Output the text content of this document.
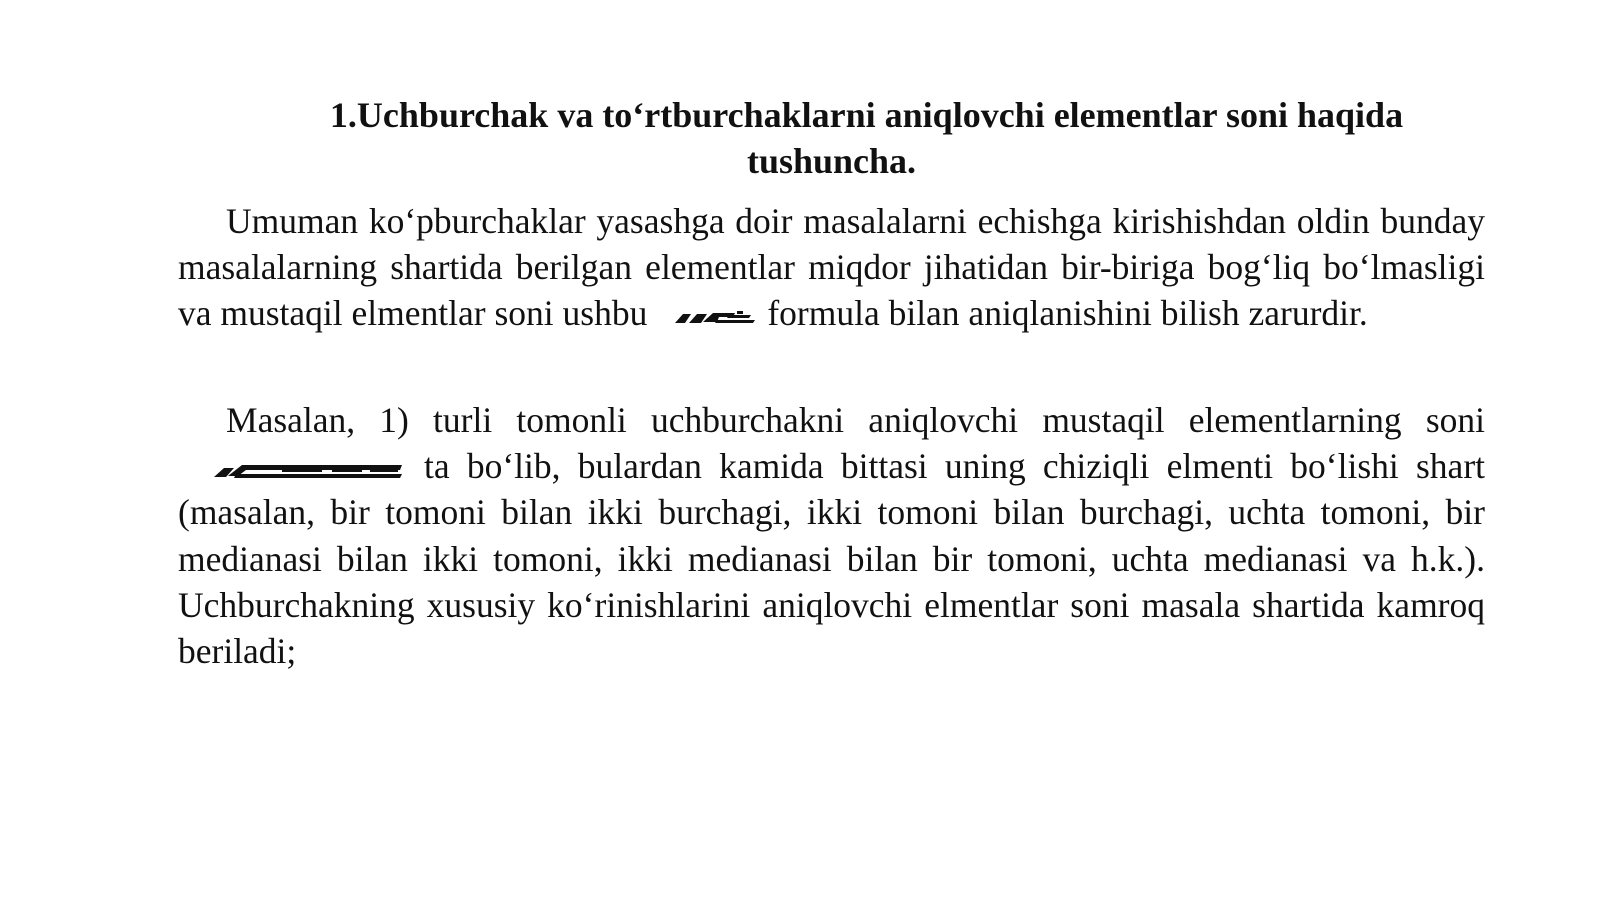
1.Uchburchak va to‘rtburchaklarni aniqlovchi elementlar soni haqida
tushuncha.

Umuman ko‘pburchaklar yasashga doir masalalarni echishga kirishishdan oldin bunday masalalarning shartida berilgan elementlar miqdor jihatidan bir-biriga bog‘liq bo‘lmasligi va mustaqil elmentlar soni ushbu	formula bilan aniqlanishini bilish zarurdir.

Masalan, 1) turli tomonli uchburchakni aniqlovchi mustaqil elementlarning soni
ta bo‘lib, bulardan kamida bittasi uning chiziqli elmenti bo‘lishi shart (masalan, bir tomoni bilan ikki burchagi, ikki tomoni bilan burchagi, uchta tomoni, bir medianasi bilan ikki tomoni, ikki medianasi bilan bir tomoni, uchta medianasi va h.k.). Uchburchakning xususiy ko‘rinishlarini aniqlovchi elmentlar soni masala shartida kamroq beriladi;
